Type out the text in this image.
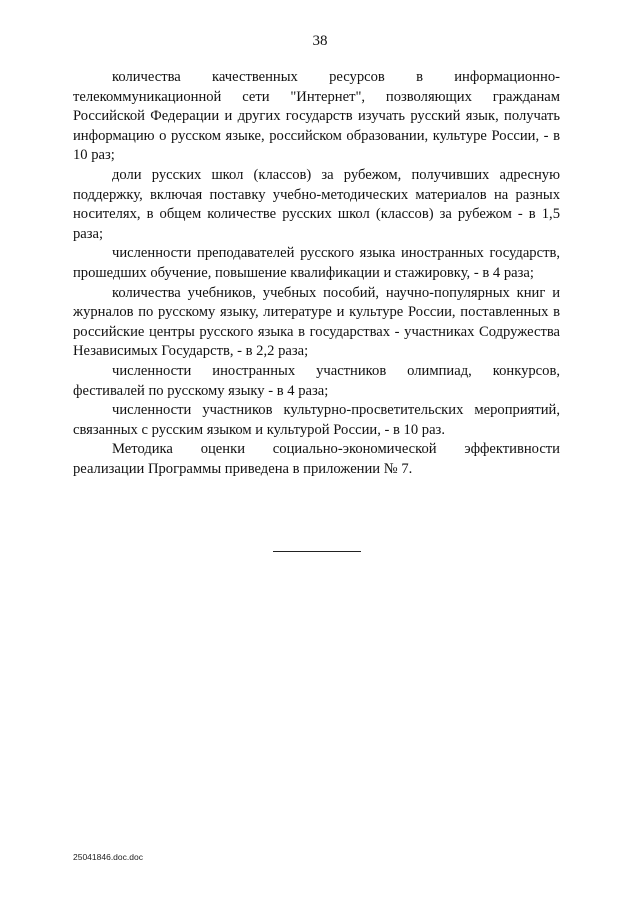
38

количества качественных ресурсов в информационно-телекоммуникационной сети "Интернет", позволяющих гражданам Российской Федерации и других государств изучать русский язык, получать информацию о русском языке, российском образовании, культуре России, - в 10 раз;

доли русских школ (классов) за рубежом, получивших адресную поддержку, включая поставку учебно-методических материалов на разных носителях, в общем количестве русских школ (классов) за рубежом - в 1,5 раза;

численности преподавателей русского языка иностранных государств, прошедших обучение, повышение квалификации и стажировку, - в 4 раза;

количества учебников, учебных пособий, научно-популярных книг и журналов по русскому языку, литературе и культуре России, поставленных в российские центры русского языка в государствах - участниках Содружества Независимых Государств, - в 2,2 раза;

численности иностранных участников олимпиад, конкурсов, фестивалей по русскому языку - в 4 раза;

численности участников культурно-просветительских мероприятий, связанных с русским языком и культурой России, - в 10 раз.

Методика оценки социально-экономической эффективности реализации Программы приведена в приложении № 7.

25041846.doc.doc
